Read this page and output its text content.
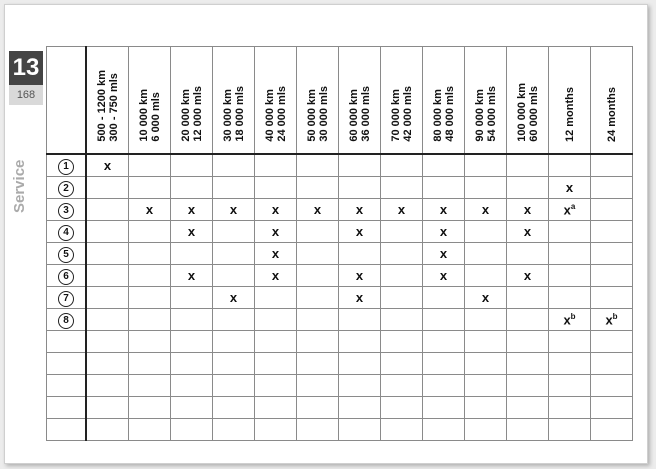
13
168
Service

	500 - 1200 km 300 - 750 mls	10 000 km 6 000 mls	20 000 km 12 000 mls	30 000 km 18 000 mls	40 000 km 24 000 mls	50 000 km 30 000 mls	60 000 km 36 000 mls	70 000 km 42 000 mls	80 000 km 48 000 mls	90 000 km 54 000 mls	100 000 km 60 000 mls	12 months	24 months

1	x												
2												x	
3		x	x	x	x	x	x	x	x	x	x	$x^a$	
4			x		x		x		x		x		
5					x				x				
6			x		x		x		x		x		
7				x			x			x			
8												$x^b$	$x^b$
